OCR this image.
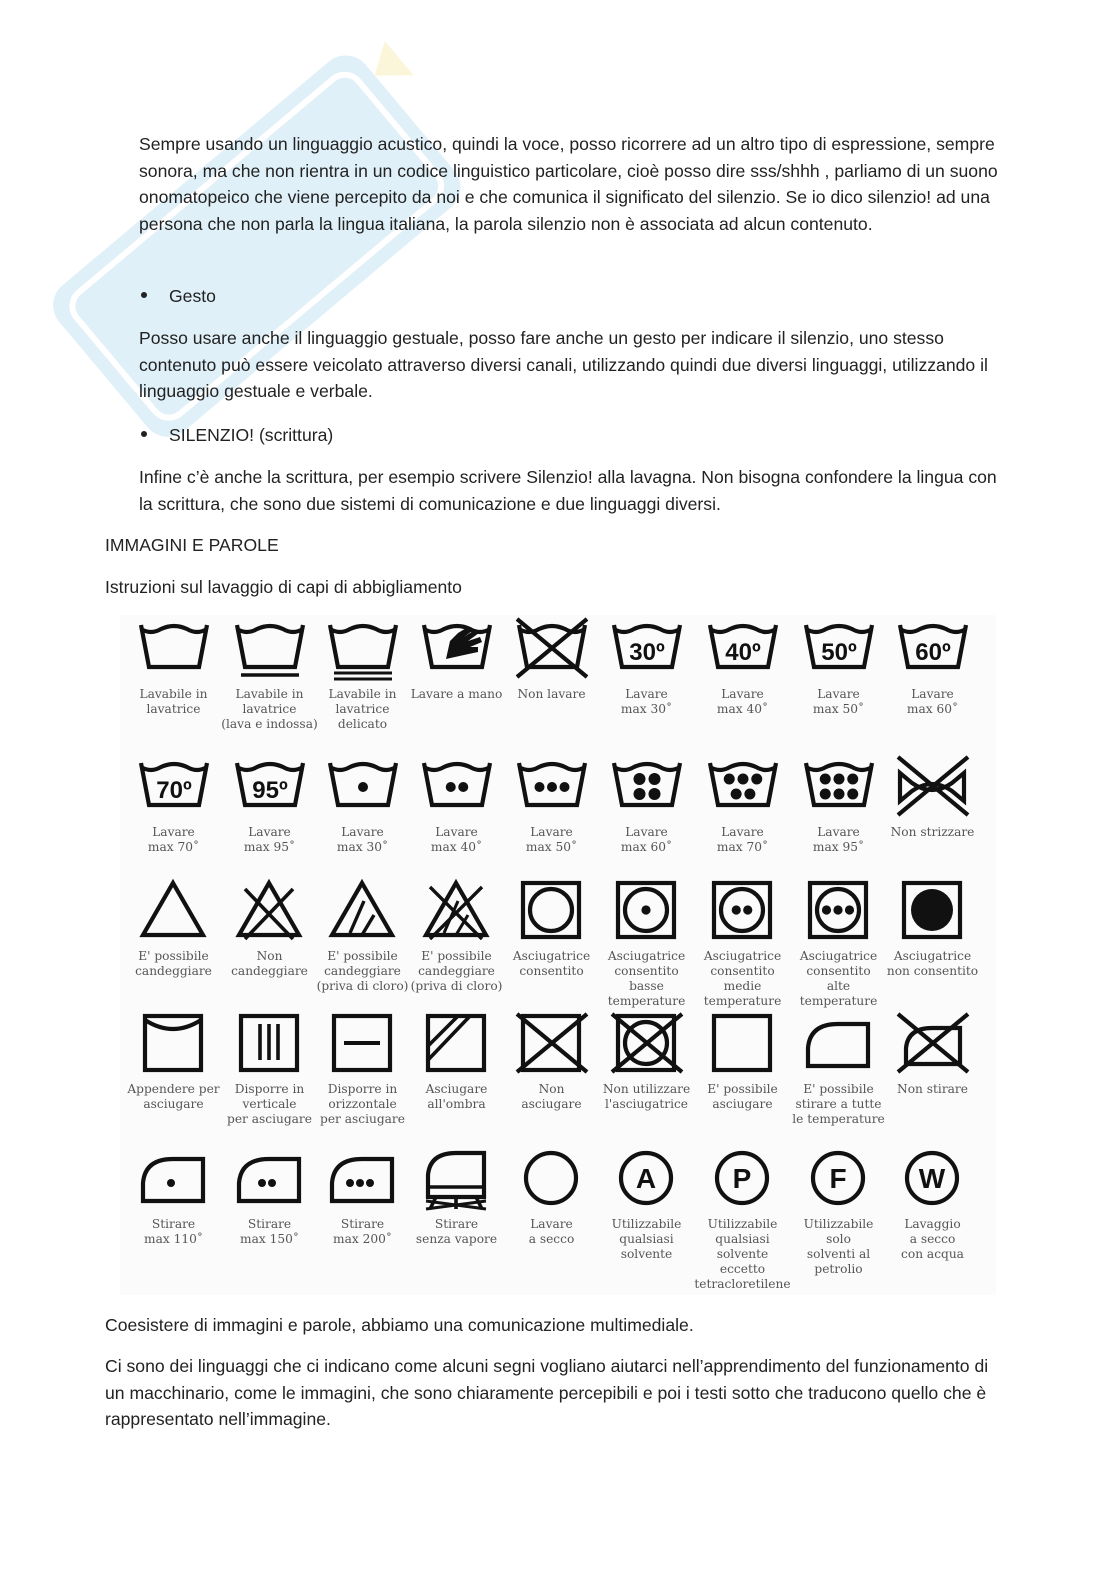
Sempre usando un linguaggio acustico, quindi la voce, posso ricorrere ad un altro tipo di espressione, sempre sonora, ma che non rientra in un codice linguistico particolare, cioè posso dire sss/shhh , parliamo di un suono onomatopeico che viene percepito da noi e che comunica il significato del silenzio. Se io dico silenzio! ad una persona che non parla la lingua italiana, la parola silenzio non è associata ad alcun contenuto.

Gesto

Posso usare anche il linguaggio gestuale, posso fare anche un gesto per indicare il silenzio, uno stesso contenuto può essere veicolato attraverso diversi canali, utilizzando quindi due diversi linguaggi, utilizzando il linguaggio gestuale e verbale.

SILENZIO! (scrittura)

Infine c’è anche la scrittura, per esempio scrivere Silenzio! alla lavagna. Non bisogna confondere la lingua con la scrittura, che sono due sistemi di comunicazione e due linguaggi diversi.

IMMAGINI E PAROLE

Istruzioni sul lavaggio di capi di abbigliamento

Lavabile in
lavatrice
Lavabile in
lavatrice
(lava e indossa)
Lavabile in
lavatrice
delicato
Lavare a mano	Non lavare
30º
Lavare
max 30˚
40º
Lavare
max 40˚
50º
Lavare
max 50˚
60º
Lavare
max 60˚
70º
Lavare
max 70˚
95º
Lavare
max 95˚
Lavare
max 30˚
Lavare
max 40˚
Lavare
max 50˚
Lavare
max 60˚
Lavare
max 70˚
Lavare
max 95˚
Non strizzare
E' possibile
candeggiare
Non
candeggiare
E' possibile
candeggiare
(priva di cloro)
E' possibile
candeggiare
(priva di cloro)
Asciugatrice
consentito
Asciugatrice
consentito
basse
temperature
Asciugatrice
consentito
medie
temperature
Asciugatrice
consentito
alte
temperature
Asciugatrice
non consentito
Appendere per
asciugare
Disporre in
verticale
per asciugare
Disporre in
orizzontale
per asciugare
Asciugare
all'ombra
Non
asciugare
Non utilizzare
l'asciugatrice
E' possibile
asciugare
E' possibile
stirare a tutte
le temperature
Non stirare
Stirare
max 110˚
Stirare
max 150˚
Stirare
max 200˚
Stirare
senza vapore
Lavare
a secco
A
Utilizzabile
qualsiasi
solvente
P
Utilizzabile
qualsiasi solvente
eccetto
tetracloretilene
F
Utilizzabile
solo
solventi al
petrolio
W
Lavaggio
a secco
con acqua

Coesistere di immagini e parole, abbiamo una comunicazione multimediale.

Ci sono dei linguaggi che ci indicano come alcuni segni vogliano aiutarci nell’apprendimento del funzionamento di un macchinario, come le immagini, che sono chiaramente percepibili e poi i testi sotto che traducono quello che è rappresentato nell’immagine.
